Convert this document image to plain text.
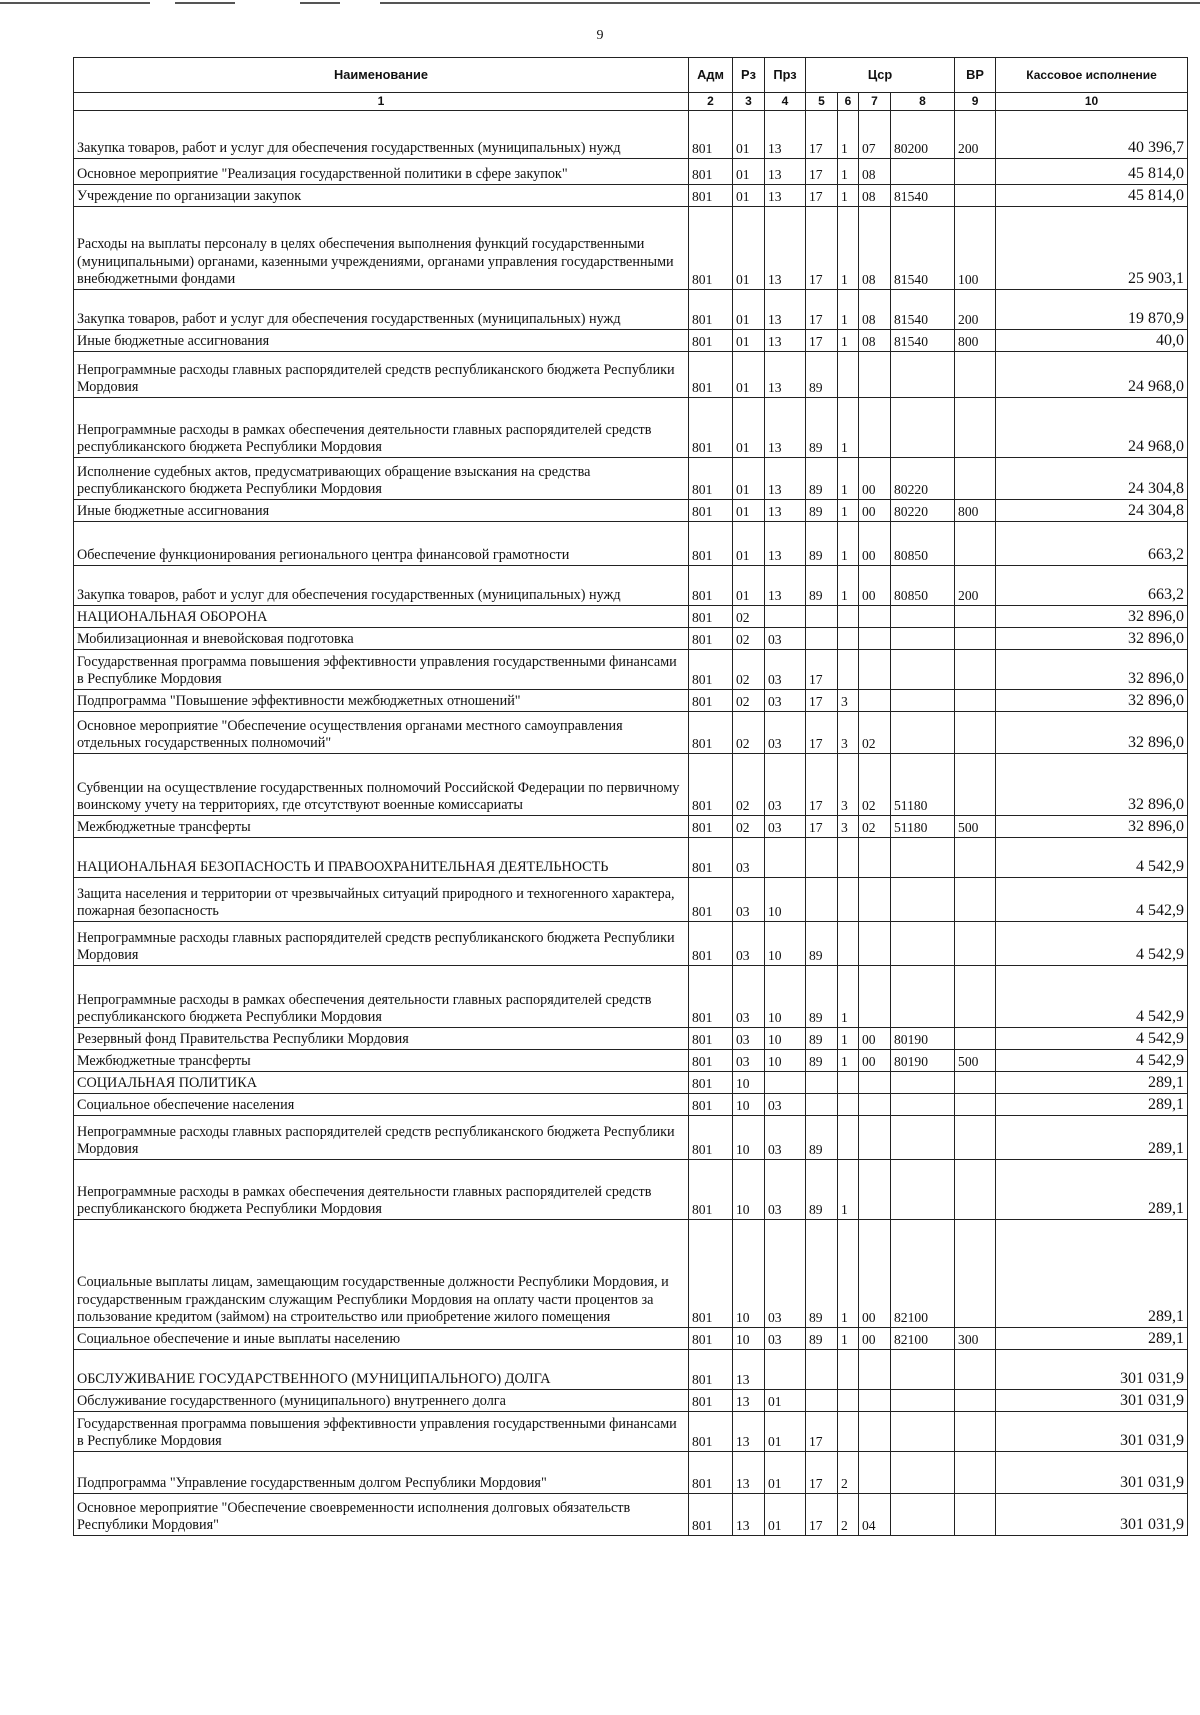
9
Наименование	Адм	Рз	Прз	Цср				ВР	Кассовое исполнение
1	2	3	4	5	6	7	8	9	10
Закупка товаров, работ и услуг для обеспечения государственных (муниципальных) нужд	801	01	13	17	1	07	80200	200	40 396,7
Основное мероприятие "Реализация государственной политики в сфере закупок"	801	01	13	17	1	08			45 814,0
Учреждение по организации закупок	801	01	13	17	1	08	81540		45 814,0
Расходы на выплаты персоналу в целях обеспечения выполнения функций государственными (муниципальными) органами, казенными учреждениями, органами управления государственными внебюджетными фондами	801	01	13	17	1	08	81540	100	25 903,1
Закупка товаров, работ и услуг для обеспечения государственных (муниципальных) нужд	801	01	13	17	1	08	81540	200	19 870,9
Иные бюджетные ассигнования	801	01	13	17	1	08	81540	800	40,0
Непрограммные расходы главных распорядителей средств республиканского бюджета Республики Мордовия	801	01	13	89					24 968,0
Непрограммные расходы в рамках обеспечения деятельности главных распорядителей средств республиканского бюджета Республики Мордовия	801	01	13	89	1				24 968,0
Исполнение судебных актов, предусматривающих обращение взыскания на средства республиканского бюджета Республики Мордовия	801	01	13	89	1	00	80220		24 304,8
Иные бюджетные ассигнования	801	01	13	89	1	00	80220	800	24 304,8
Обеспечение функционирования регионального центра финансовой грамотности	801	01	13	89	1	00	80850		663,2
Закупка товаров, работ и услуг для обеспечения государственных (муниципальных) нужд	801	01	13	89	1	00	80850	200	663,2
НАЦИОНАЛЬНАЯ ОБОРОНА	801	02							32 896,0
Мобилизационная и вневойсковая подготовка	801	02	03						32 896,0
Государственная программа повышения эффективности управления государственными финансами в Республике Мордовия	801	02	03	17					32 896,0
Подпрограмма "Повышение эффективности межбюджетных отношений"	801	02	03	17	3				32 896,0
Основное мероприятие "Обеспечение осуществления органами местного самоуправления отдельных государственных полномочий"	801	02	03	17	3	02			32 896,0
Субвенции на осуществление государственных полномочий Российской Федерации по первичному воинскому учету на территориях, где отсутствуют военные комиссариаты	801	02	03	17	3	02	51180		32 896,0
Межбюджетные трансферты	801	02	03	17	3	02	51180	500	32 896,0
НАЦИОНАЛЬНАЯ БЕЗОПАСНОСТЬ И ПРАВООХРАНИТЕЛЬНАЯ ДЕЯТЕЛЬНОСТЬ	801	03							4 542,9
Защита населения и территории от чрезвычайных ситуаций природного и техногенного характера, пожарная безопасность	801	03	10						4 542,9
Непрограммные расходы главных распорядителей средств республиканского бюджета Республики Мордовия	801	03	10	89					4 542,9
Непрограммные расходы в рамках обеспечения деятельности главных распорядителей средств республиканского бюджета Республики Мордовия	801	03	10	89	1				4 542,9
Резервный фонд Правительства Республики Мордовия	801	03	10	89	1	00	80190		4 542,9
Межбюджетные трансферты	801	03	10	89	1	00	80190	500	4 542,9
СОЦИАЛЬНАЯ ПОЛИТИКА	801	10							289,1
Социальное обеспечение населения	801	10	03						289,1
Непрограммные расходы главных распорядителей средств республиканского бюджета Республики Мордовия	801	10	03	89					289,1
Непрограммные расходы в рамках обеспечения деятельности главных распорядителей средств республиканского бюджета Республики Мордовия	801	10	03	89	1				289,1
Социальные выплаты лицам, замещающим государственные должности Республики Мордовия, и государственным гражданским служащим Республики Мордовия на оплату части процентов за пользование кредитом (займом) на строительство или приобретение жилого помещения	801	10	03	89	1	00	82100		289,1
Социальное обеспечение и иные выплаты населению	801	10	03	89	1	00	82100	300	289,1
ОБСЛУЖИВАНИЕ ГОСУДАРСТВЕННОГО (МУНИЦИПАЛЬНОГО) ДОЛГА	801	13							301 031,9
Обслуживание государственного (муниципального) внутреннего долга	801	13	01						301 031,9
Государственная программа повышения эффективности управления государственными финансами в Республике Мордовия	801	13	01	17					301 031,9
Подпрограмма "Управление государственным долгом Республики Мордовия"	801	13	01	17	2				301 031,9
Основное мероприятие "Обеспечение своевременности исполнения долговых обязательств Республики Мордовия"	801	13	01	17	2	04			301 031,9
